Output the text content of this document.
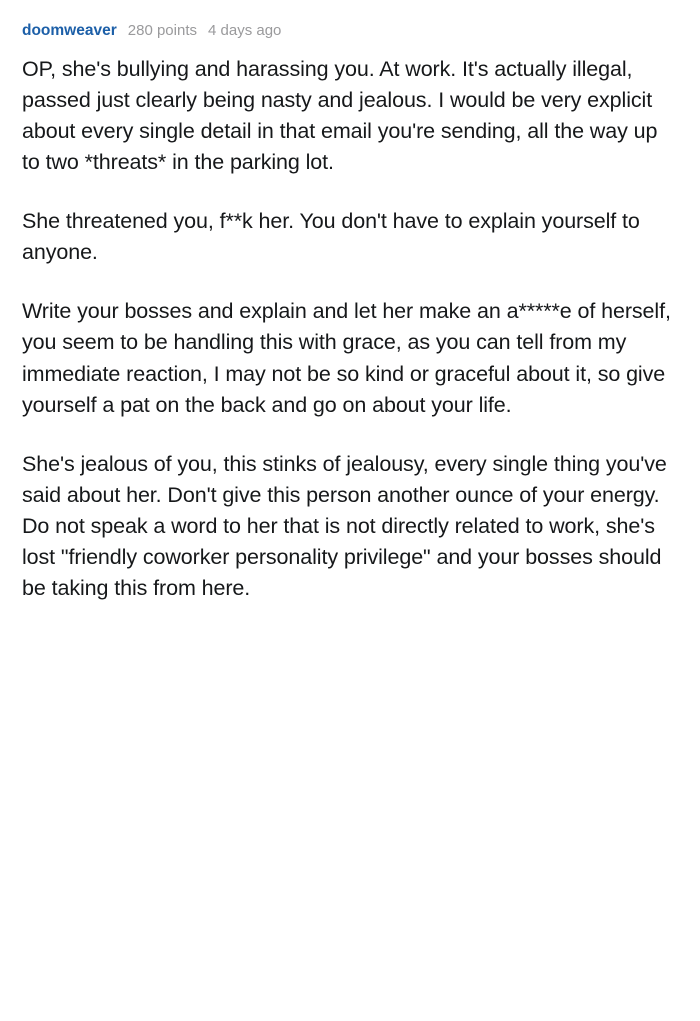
doomweaver 280 points 4 days ago

OP, she's bullying and harassing you. At work. It's actually illegal, passed just clearly being nasty and jealous. I would be very explicit about every single detail in that email you're sending, all the way up to two *threats* in the parking lot.

She threatened you, f**k her. You don't have to explain yourself to anyone.

Write your bosses and explain and let her make an a*****e of herself, you seem to be handling this with grace, as you can tell from my immediate reaction, I may not be so kind or graceful about it, so give yourself a pat on the back and go on about your life.

She's jealous of you, this stinks of jealousy, every single thing you've said about her. Don't give this person another ounce of your energy. Do not speak a word to her that is not directly related to work, she's lost "friendly coworker personality privilege" and your bosses should be taking this from here.
